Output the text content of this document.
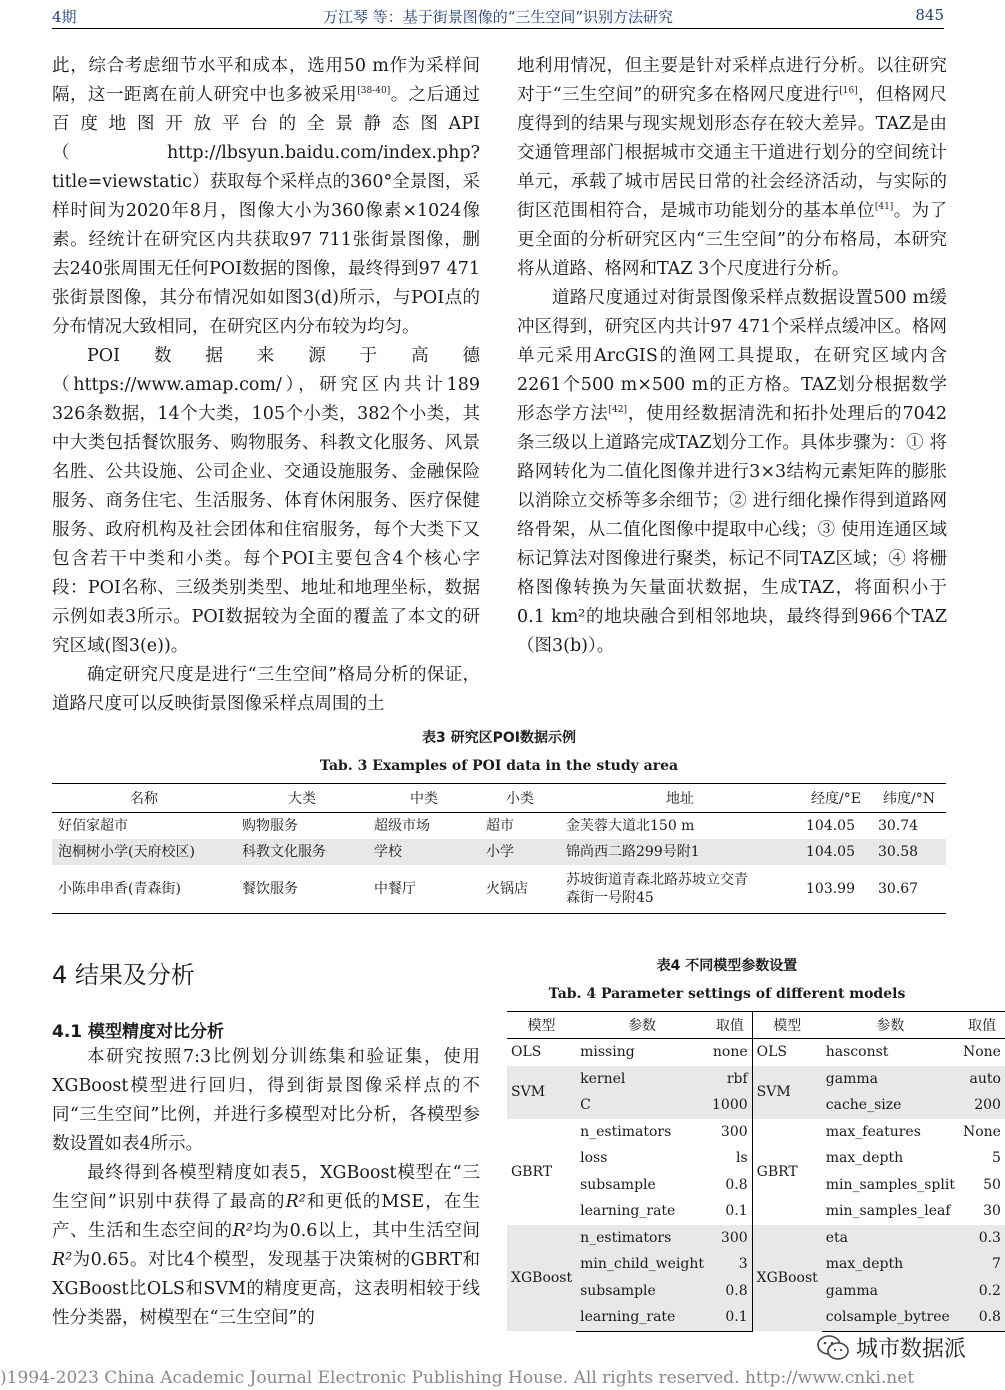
4期	万江琴 等：基于街景图像的“三生空间”识别方法研究	845

此，综合考虑细节水平和成本，选用50 m作为采样间隔，这一距离在前人研究中也多被采用[38-40]。之后通过百度地图开放平台的全景静态图API（http://lbsyun.baidu.com/index.php?title=viewstatic）获取每个采样点的360°全景图，采样时间为2020年8月，图像大小为360像素×1024像素。经统计在研究区内共获取97 711张街景图像，删去240张周围无任何POI数据的图像，最终得到97 471张街景图像，其分布情况如如图3(d)所示，与POI点的分布情况大致相同，在研究区内分布较为均匀。

POI数据来源于高德（https://www.amap.com/），研究区内共计189 326条数据，14个大类，105个小类，382个小类，其中大类包括餐饮服务、购物服务、科教文化服务、风景名胜、公共设施、公司企业、交通设施服务、金融保险服务、商务住宅、生活服务、体育休闲服务、医疗保健服务、政府机构及社会团体和住宿服务，每个大类下又包含若干中类和小类。每个POI主要包含4个核心字段：POI名称、三级类别类型、地址和地理坐标，数据示例如表3所示。POI数据较为全面的覆盖了本文的研究区域(图3(e))。

确定研究尺度是进行“三生空间”格局分析的保证，道路尺度可以反映街景图像采样点周围的土

地利用情况，但主要是针对采样点进行分析。以往研究对于“三生空间”的研究多在格网尺度进行[16]，但格网尺度得到的结果与现实规划形态存在较大差异。TAZ是由交通管理部门根据城市交通主干道进行划分的空间统计单元，承载了城市居民日常的社会经济活动，与实际的街区范围相符合，是城市功能划分的基本单位[41]。为了更全面的分析研究区内“三生空间”的分布格局，本研究将从道路、格网和TAZ 3个尺度进行分析。

道路尺度通过对街景图像采样点数据设置500 m缓冲区得到，研究区内共计97 471个采样点缓冲区。格网单元采用ArcGIS的渔网工具提取，在研究区域内含2261个500 m×500 m的正方格。TAZ划分根据数学形态学方法[42]，使用经数据清洗和拓扑处理后的7042条三级以上道路完成TAZ划分工作。具体步骤为：① 将路网转化为二值化图像并进行3×3结构元素矩阵的膨胀以消除立交桥等多余细节；② 进行细化操作得到道路网络骨架，从二值化图像中提取中心线；③ 使用连通区域标记算法对图像进行聚类，标记不同TAZ区域；④ 将栅格图像转换为矢量面状数据，生成TAZ，将面积小于0.1 km²的地块融合到相邻地块，最终得到966个TAZ（图3(b)）。

表3 研究区POI数据示例
Tab. 3 Examples of POI data in the study area
名称	大类	中类	小类	地址	经度/°E	纬度/°N
好佰家超市	购物服务	超级市场	超市	金芙蓉大道北150 m	104.05	30.74
泡桐树小学(天府校区)	科教文化服务	学校	小学	锦尚西二路299号附1	104.05	30.58
小陈串串香(青森街)	餐饮服务	中餐厅	火锅店	苏坡街道青森北路苏坡立交青森街一号附45	103.99	30.67
4 结果及分析
4.1 模型精度对比分析

本研究按照7:3比例划分训练集和验证集，使用XGBoost模型进行回归，得到街景图像采样点的不同“三生空间”比例，并进行多模型对比分析，各模型参数设置如表4所示。

最终得到各模型精度如表5，XGBoost模型在“三生空间”识别中获得了最高的R²和更低的MSE，在生产、生活和生态空间的R²均为0.6以上，其中生活空间R²为0.65。对比4个模型，发现基于决策树的GBRT和XGBoost比OLS和SVM的精度更高，这表明相较于线性分类器，树模型在“三生空间”的

表4 不同模型参数设置
Tab. 4 Parameter settings of different models
模型	参数	取值	模型	参数	取值
OLS	missing	none	OLS	hasconst	None
SVM	kernel	rbf	SVM	gamma	auto
	C	1000		cache_size	200
GBRT	n_estimators	300	GBRT	max_features	None
	loss	ls		max_depth	5
	subsample	0.8		min_samples_split	50
	learning_rate	0.1		min_samples_leaf	30
XGBoost	n_estimators	300	XGBoost	eta	0.3
	min_child_weight	3		max_depth	7
	subsample	0.8		gamma	0.2
	learning_rate	0.1		colsample_bytree	0.8
城市数据派
)1994-2023 China Academic Journal Electronic Publishing House. All rights reserved. http://www.cnki.net
